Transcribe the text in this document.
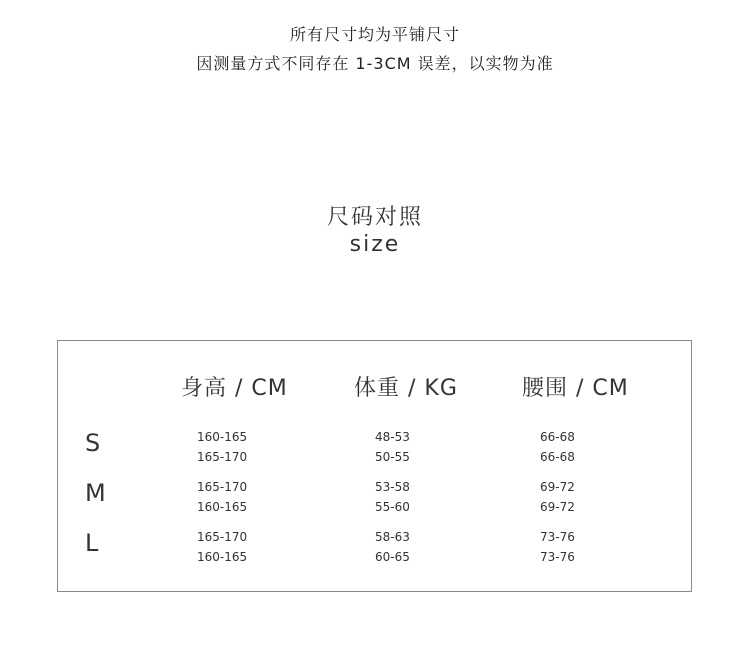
所有尺寸均为平铺尺寸
因测量方式不同存在 1-3CM 误差，以实物为准
尺码对照
size
身高 / CM	体重 / KG	腰围 / CM
S	160-165	48-53	66-68
165-170	50-55	66-68
M	165-170	53-58	69-72
160-165	55-60	69-72
L	165-170	58-63	73-76
160-165	60-65	73-76
